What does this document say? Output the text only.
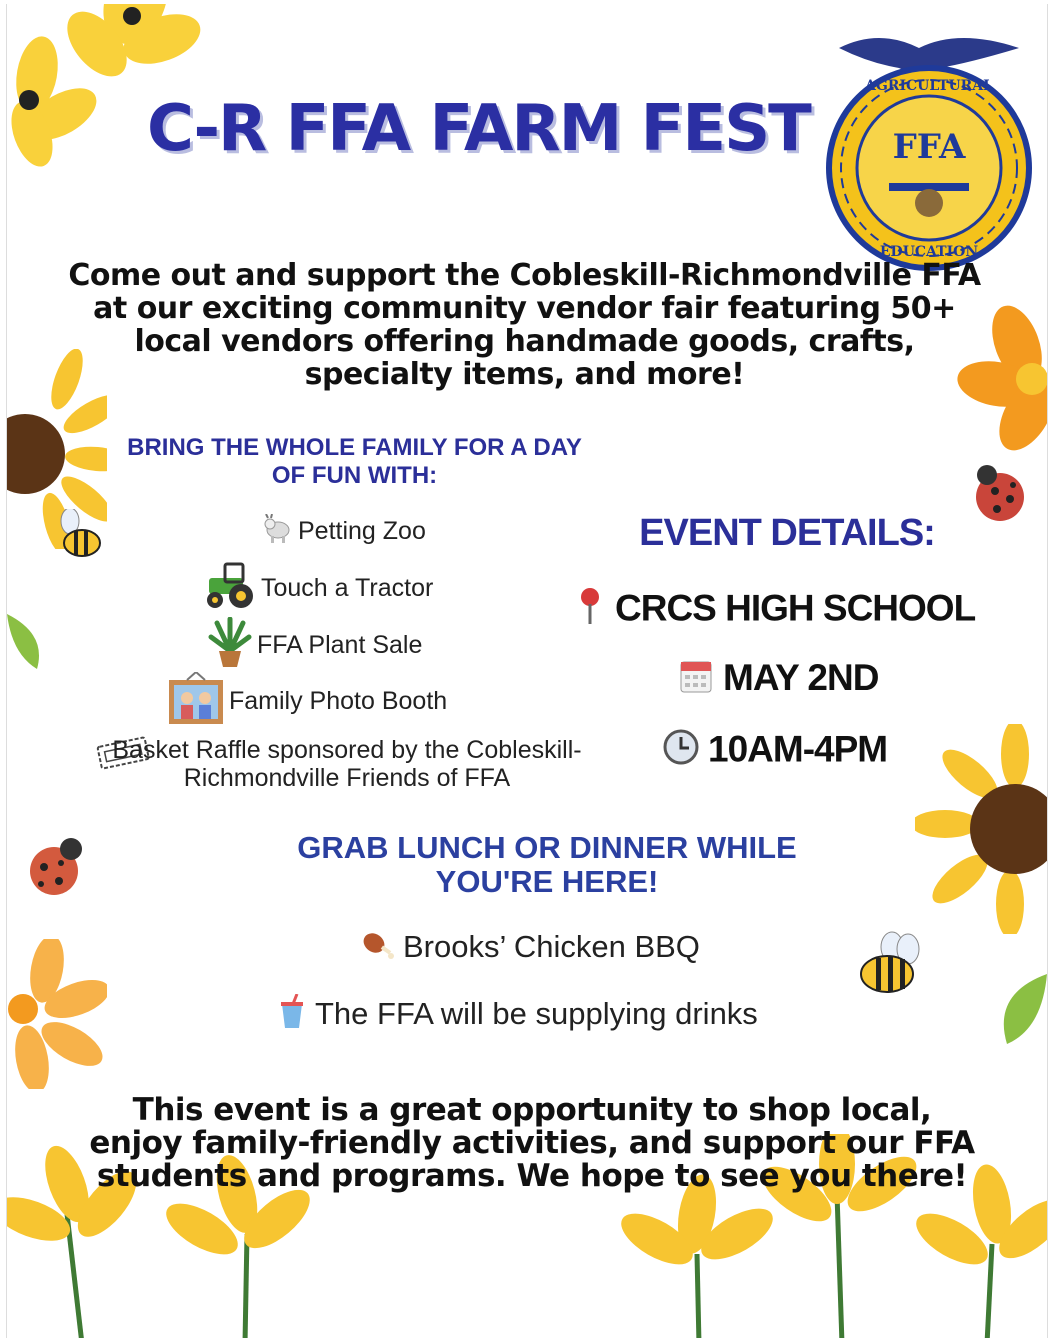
FFA
AGRICULTURAL
EDUCATION
C-R FFA FARM FEST
Come out and support the Cobleskill-Richmondville FFA at our exciting community vendor fair featuring 50+ local vendors offering handmade goods, crafts, specialty items, and more!
BRING THE WHOLE FAMILY FOR A DAY OF FUN WITH:
Petting Zoo
Touch a Tractor
FFA Plant Sale
Family Photo Booth
Basket Raffle sponsored by the Cobleskill-Richmondville Friends of FFA
EVENT DETAILS:
CRCS HIGH SCHOOL
MAY 2ND
10AM-4PM
GRAB LUNCH OR DINNER WHILE YOU'RE HERE!
Brooks’ Chicken BBQ
The FFA will be supplying drinks
This event is a great opportunity to shop local, enjoy family-friendly activities, and support our FFA students and programs. We hope to see you there!
